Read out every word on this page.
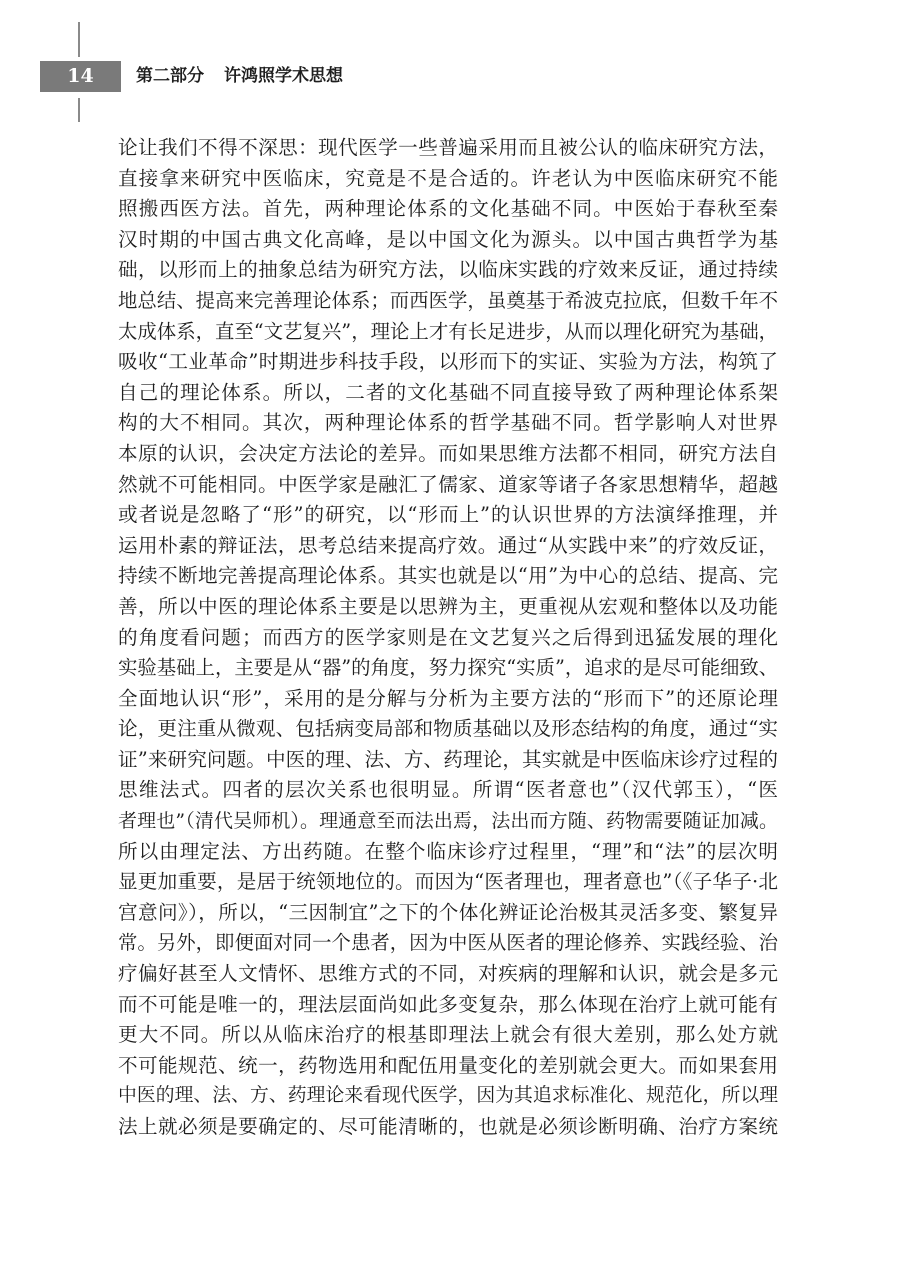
14	第二部分 许鸿照学术思想
论让我们不得不深思：现代医学一些普遍采用而且被公认的临床研究方法，
直接拿来研究中医临床，究竟是不是合适的。许老认为中医临床研究不能
照搬西医方法。首先，两种理论体系的文化基础不同。中医始于春秋至秦
汉时期的中国古典文化高峰，是以中国文化为源头。以中国古典哲学为基
础，以形而上的抽象总结为研究方法，以临床实践的疗效来反证，通过持续
地总结、提高来完善理论体系；而西医学，虽奠基于希波克拉底，但数千年不
太成体系，直至“文艺复兴”，理论上才有长足进步，从而以理化研究为基础，
吸收“工业革命”时期进步科技手段，以形而下的实证、实验为方法，构筑了
自己的理论体系。所以，二者的文化基础不同直接导致了两种理论体系架
构的大不相同。其次，两种理论体系的哲学基础不同。哲学影响人对世界
本原的认识，会决定方法论的差异。而如果思维方法都不相同，研究方法自
然就不可能相同。中医学家是融汇了儒家、道家等诸子各家思想精华，超越
或者说是忽略了“形”的研究，以“形而上”的认识世界的方法演绎推理，并
运用朴素的辩证法，思考总结来提高疗效。通过“从实践中来”的疗效反证，
持续不断地完善提高理论体系。其实也就是以“用”为中心的总结、提高、完
善，所以中医的理论体系主要是以思辨为主，更重视从宏观和整体以及功能
的角度看问题；而西方的医学家则是在文艺复兴之后得到迅猛发展的理化
实验基础上，主要是从“器”的角度，努力探究“实质”，追求的是尽可能细致、
全面地认识“形”，采用的是分解与分析为主要方法的“形而下”的还原论理
论，更注重从微观、包括病变局部和物质基础以及形态结构的角度，通过“实
证”来研究问题。中医的理、法、方、药理论，其实就是中医临床诊疗过程的
思维法式。四者的层次关系也很明显。所谓“医者意也”（汉代郭玉），“医
者理也”（清代吴师机）。理通意至而法出焉，法出而方随、药物需要随证加减。
所以由理定法、方出药随。在整个临床诊疗过程里，“理”和“法”的层次明
显更加重要，是居于统领地位的。而因为“医者理也，理者意也”（《子华子·北
宫意问》），所以，“三因制宜”之下的个体化辨证论治极其灵活多变、繁复异
常。另外，即便面对同一个患者，因为中医从医者的理论修养、实践经验、治
疗偏好甚至人文情怀、思维方式的不同，对疾病的理解和认识，就会是多元
而不可能是唯一的，理法层面尚如此多变复杂，那么体现在治疗上就可能有
更大不同。所以从临床治疗的根基即理法上就会有很大差别，那么处方就
不可能规范、统一，药物选用和配伍用量变化的差别就会更大。而如果套用
中医的理、法、方、药理论来看现代医学，因为其追求标准化、规范化，所以理
法上就必须是要确定的、尽可能清晰的，也就是必须诊断明确、治疗方案统
